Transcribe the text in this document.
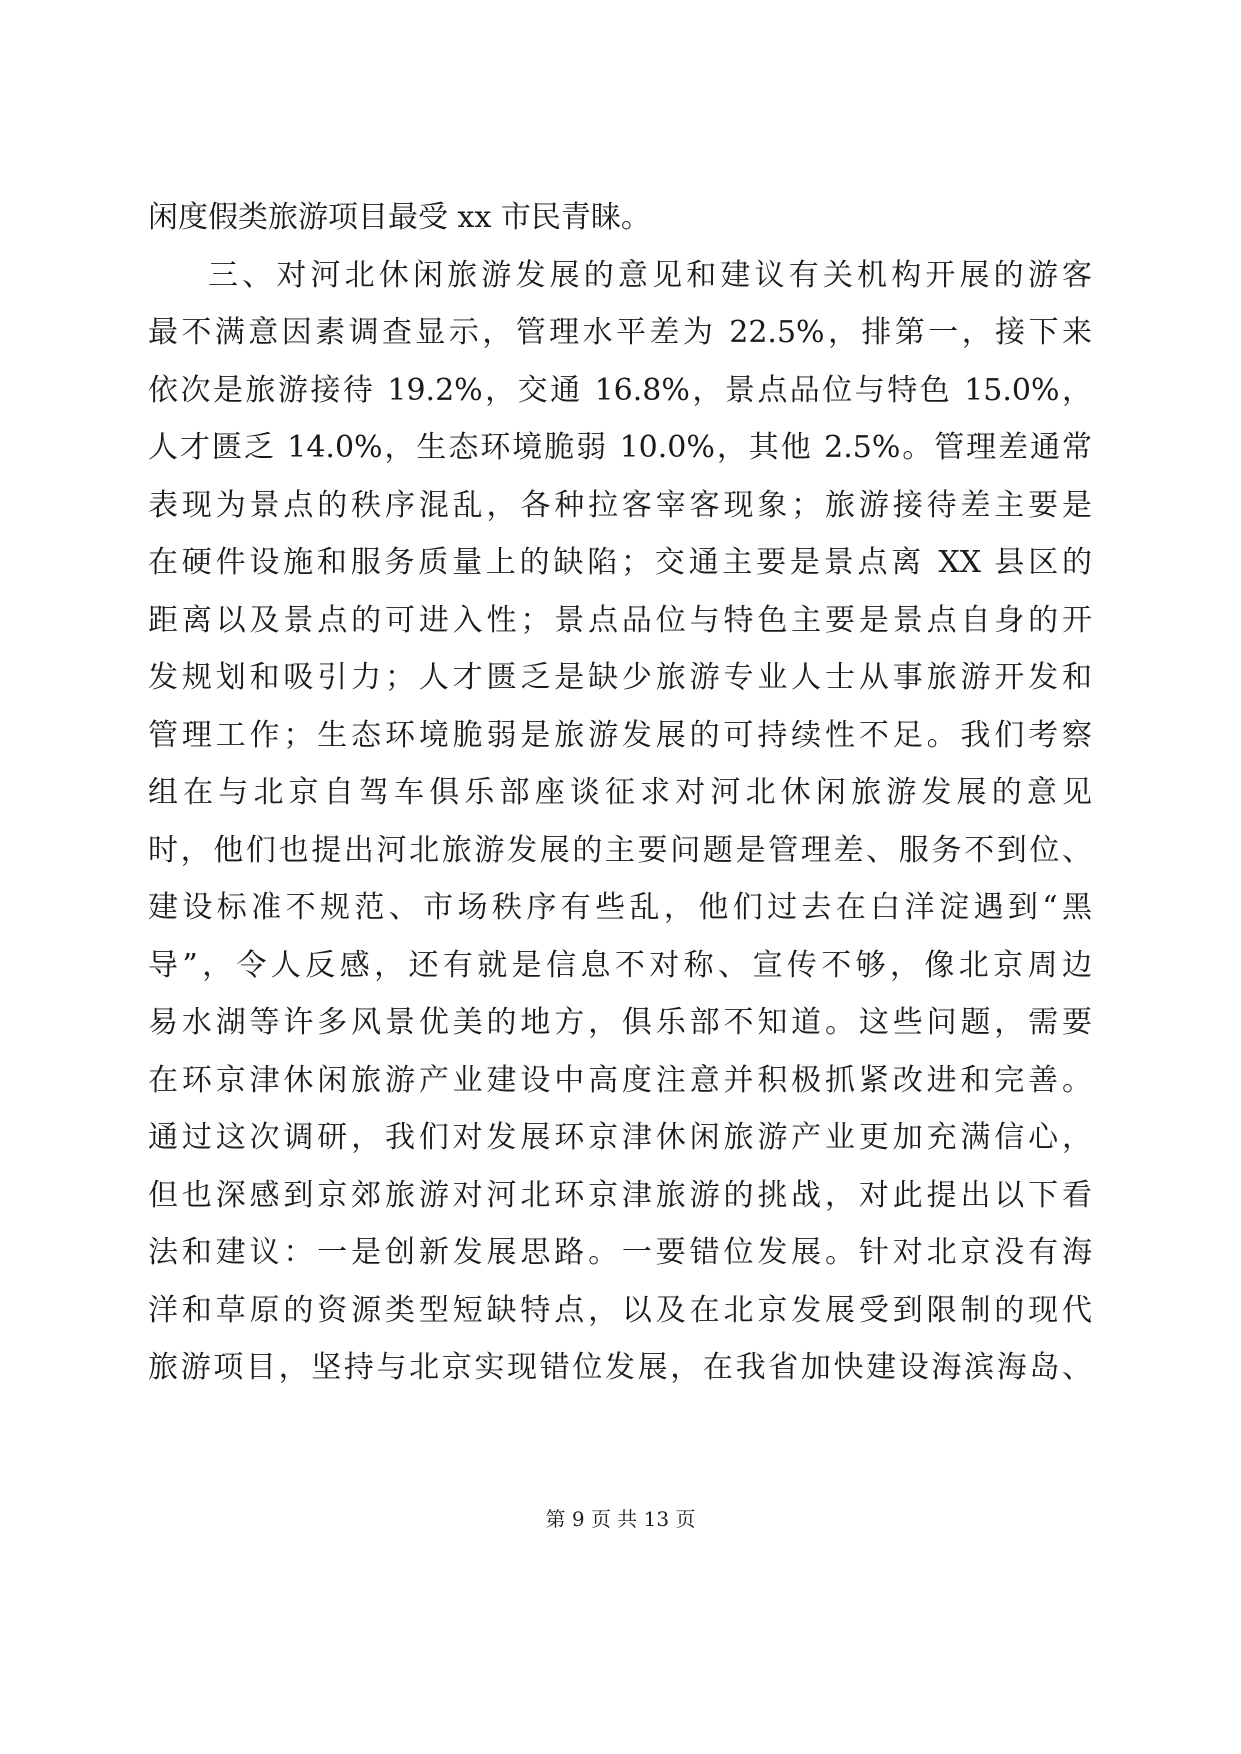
闲度假类旅游项目最受 xx 市民青睐。
三、对河北休闲旅游发展的意见和建议有关机构开展的游客
最不满意因素调查显示，管理水平差为 22.5%，排第一，接下来
依次是旅游接待 19.2%，交通 16.8%，景点品位与特色 15.0%，
人才匮乏 14.0%，生态环境脆弱 10.0%，其他 2.5%。管理差通常
表现为景点的秩序混乱，各种拉客宰客现象；旅游接待差主要是
在硬件设施和服务质量上的缺陷；交通主要是景点离 XX 县区的
距离以及景点的可进入性；景点品位与特色主要是景点自身的开
发规划和吸引力；人才匮乏是缺少旅游专业人士从事旅游开发和
管理工作；生态环境脆弱是旅游发展的可持续性不足。我们考察
组在与北京自驾车俱乐部座谈征求对河北休闲旅游发展的意见
时，他们也提出河北旅游发展的主要问题是管理差、服务不到位、
建设标准不规范、市场秩序有些乱，他们过去在白洋淀遇到“黑
导”，令人反感，还有就是信息不对称、宣传不够，像北京周边
易水湖等许多风景优美的地方，俱乐部不知道。这些问题，需要
在环京津休闲旅游产业建设中高度注意并积极抓紧改进和完善。
通过这次调研，我们对发展环京津休闲旅游产业更加充满信心，
但也深感到京郊旅游对河北环京津旅游的挑战，对此提出以下看
法和建议：一是创新发展思路。一要错位发展。针对北京没有海
洋和草原的资源类型短缺特点，以及在北京发展受到限制的现代
旅游项目，坚持与北京实现错位发展，在我省加快建设海滨海岛、
第 9 页 共 13 页
